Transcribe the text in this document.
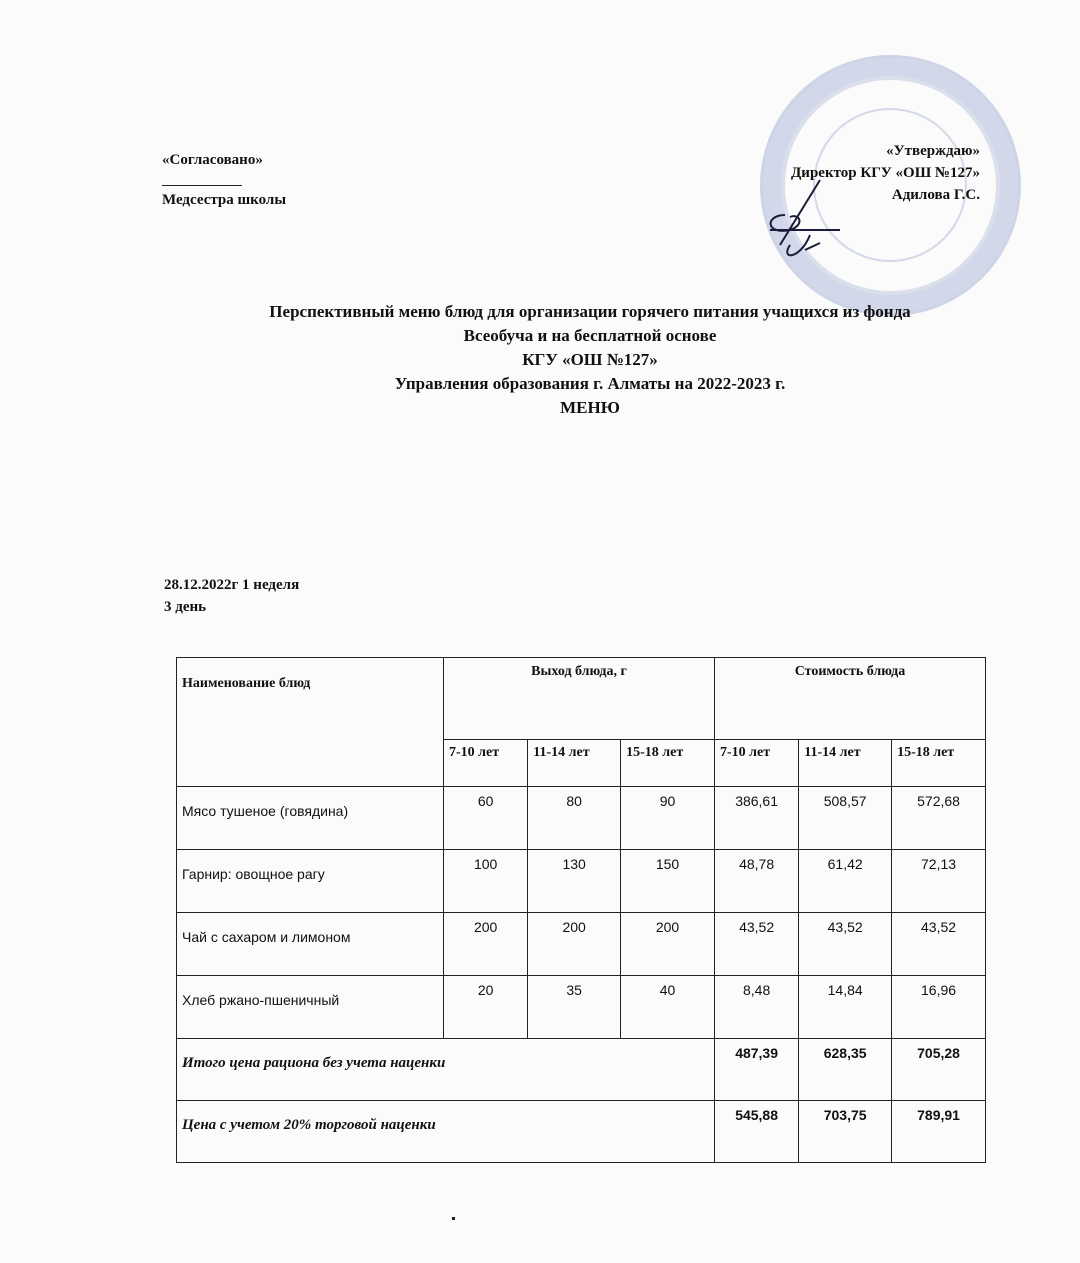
«Согласовано»
Медсестра школы
«Утверждаю»
Директор КГУ «ОШ №127»
Адилова Г.С.
Перспективный меню блюд для организации горячего питания учащихся из фонда
Всеобуча и на бесплатной основе
КГУ «ОШ №127»
Управления образования г. Алматы на 2022-2023 г.
МЕНЮ
28.12.2022г 1 неделя
3 день
Наименование блюд	Выход блюда, г			Стоимость блюда		
	7-10 лет	11-14 лет	15-18 лет	7-10 лет	11-14 лет	15-18 лет
Мясо тушеное (говядина)	60	80	90	386,61	508,57	572,68
Гарнир: овощное рагу	100	130	150	48,78	61,42	72,13
Чай с сахаром и лимоном	200	200	200	43,52	43,52	43,52
Хлеб ржано-пшеничный	20	35	40	8,48	14,84	16,96
Итого цена рациона без учета наценки				487,39	628,35	705,28
Цена с учетом 20% торговой наценки				545,88	703,75	789,91
